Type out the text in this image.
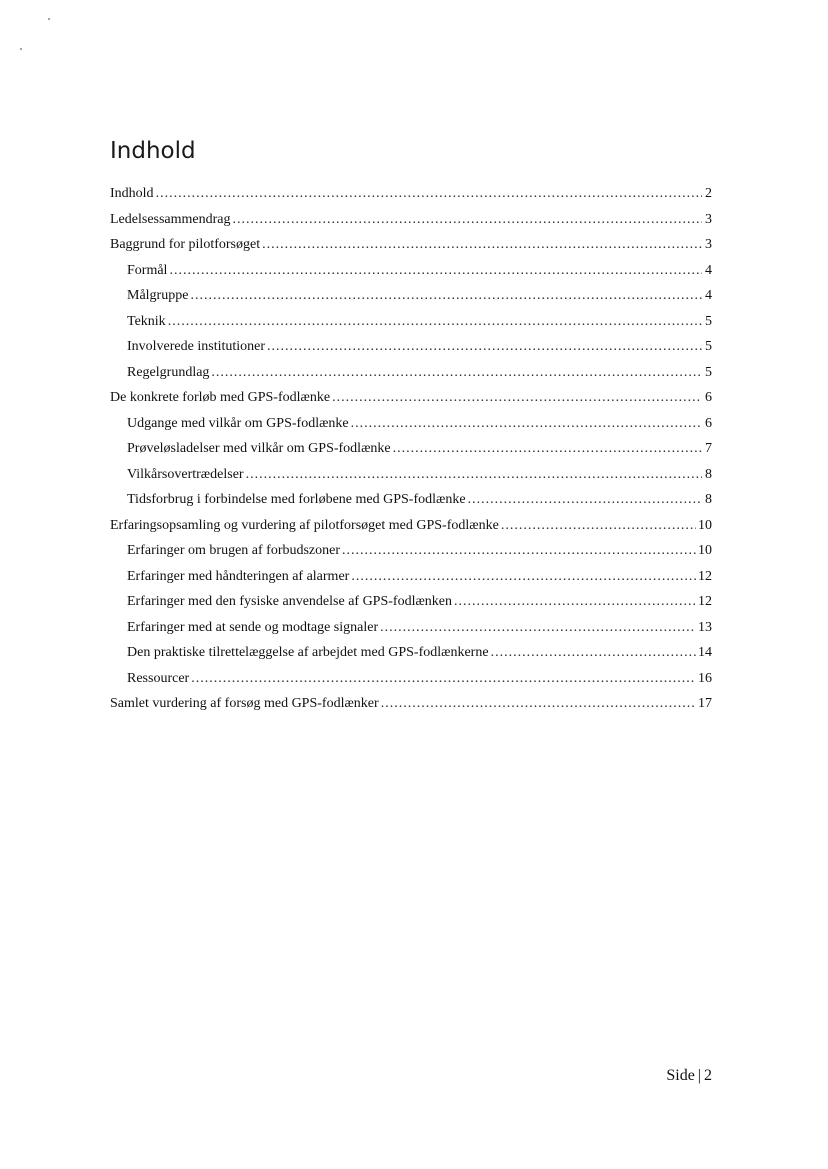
Indhold
Indhold .....	2
Ledelsessammendrag .....	3
Baggrund for pilotforsøget .....	3
Formål .....	4
Målgruppe .....	4
Teknik .....	5
Involverede institutioner .....	5
Regelgrundlag .....	5
De konkrete forløb med GPS-fodlænke .....	6
Udgange med vilkår om GPS-fodlænke .....	6
Prøveløsladelser med vilkår om GPS-fodlænke .....	7
Vilkårsovertrædelser .....	8
Tidsforbrug i forbindelse med forløbene med GPS-fodlænke .....	8
Erfaringsopsamling og vurdering af pilotforsøget med GPS-fodlænke .....	10
Erfaringer om brugen af forbudszoner .....	10
Erfaringer med håndteringen af alarmer .....	12
Erfaringer med den fysiske anvendelse af GPS-fodlænken .....	12
Erfaringer med at sende og modtage signaler .....	13
Den praktiske tilrettelæggelse af arbejdet med GPS-fodlænkerne .....	14
Ressourcer .....	16
Samlet vurdering af forsøg med GPS-fodlænker .....	17
Side | 2
